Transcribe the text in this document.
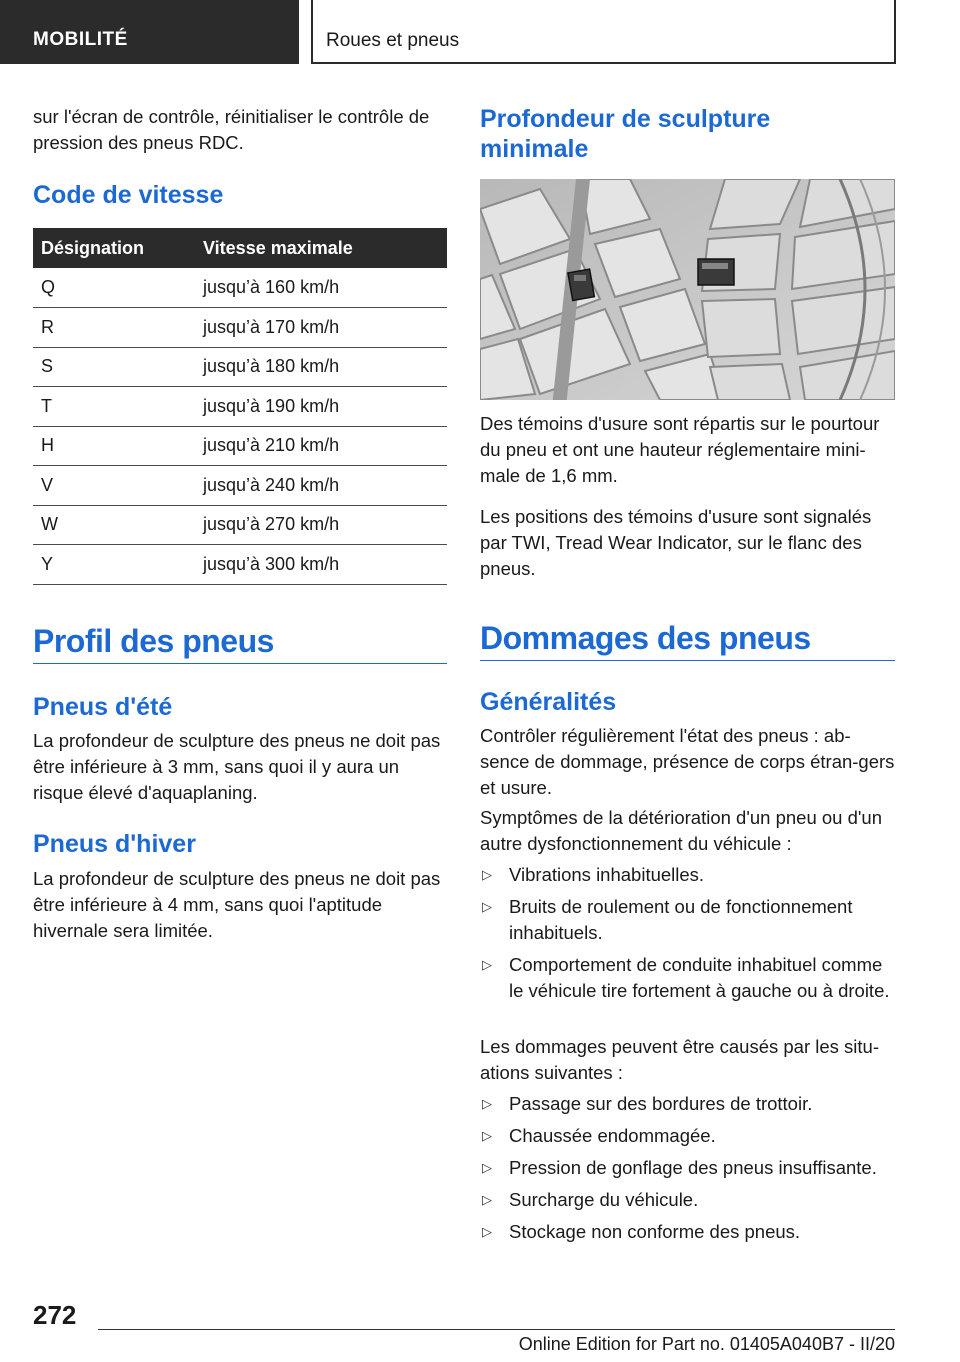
MOBILITÉ	Roues et pneus

sur l'écran de contrôle, réinitialiser le contrôle de pression des pneus RDC.

Code de vitesse
Désignation	Vitesse maximale
Q	jusqu’à 160 km/h
R	jusqu’à 170 km/h
S	jusqu’à 180 km/h
T	jusqu’à 190 km/h
H	jusqu’à 210 km/h
V	jusqu’à 240 km/h
W	jusqu’à 270 km/h
Y	jusqu’à 300 km/h
Profil des pneus
Pneus d'été

La profondeur de sculpture des pneus ne doit pas être inférieure à 3 mm, sans quoi il y aura un risque élevé d'aquaplaning.

Pneus d'hiver

La profondeur de sculpture des pneus ne doit pas être inférieure à 4 mm, sans quoi l'aptitude hivernale sera limitée.

Profondeur de sculpture
minimale

Des témoins d'usure sont répartis sur le pourtour du pneu et ont une hauteur réglementaire mini-male de 1,6 mm.

Les positions des témoins d'usure sont signalés par TWI, Tread Wear Indicator, sur le flanc des pneus.

Dommages des pneus
Généralités

Contrôler régulièrement l'état des pneus : ab-sence de dommage, présence de corps étran-gers et usure.

Symptômes de la détérioration d'un pneu ou d'un autre dysfonctionnement du véhicule :

▷ Vibrations inhabituelles.
▷ Bruits de roulement ou de fonctionnement inhabituels.
▷ Comportement de conduite inhabituel comme le véhicule tire fortement à gauche ou à droite.

Les dommages peuvent être causés par les situ-ations suivantes :

▷ Passage sur des bordures de trottoir.
▷ Chaussée endommagée.
▷ Pression de gonflage des pneus insuffisante.
▷ Surcharge du véhicule.
▷ Stockage non conforme des pneus.
272
Online Edition for Part no. 01405A040B7 - II/20
